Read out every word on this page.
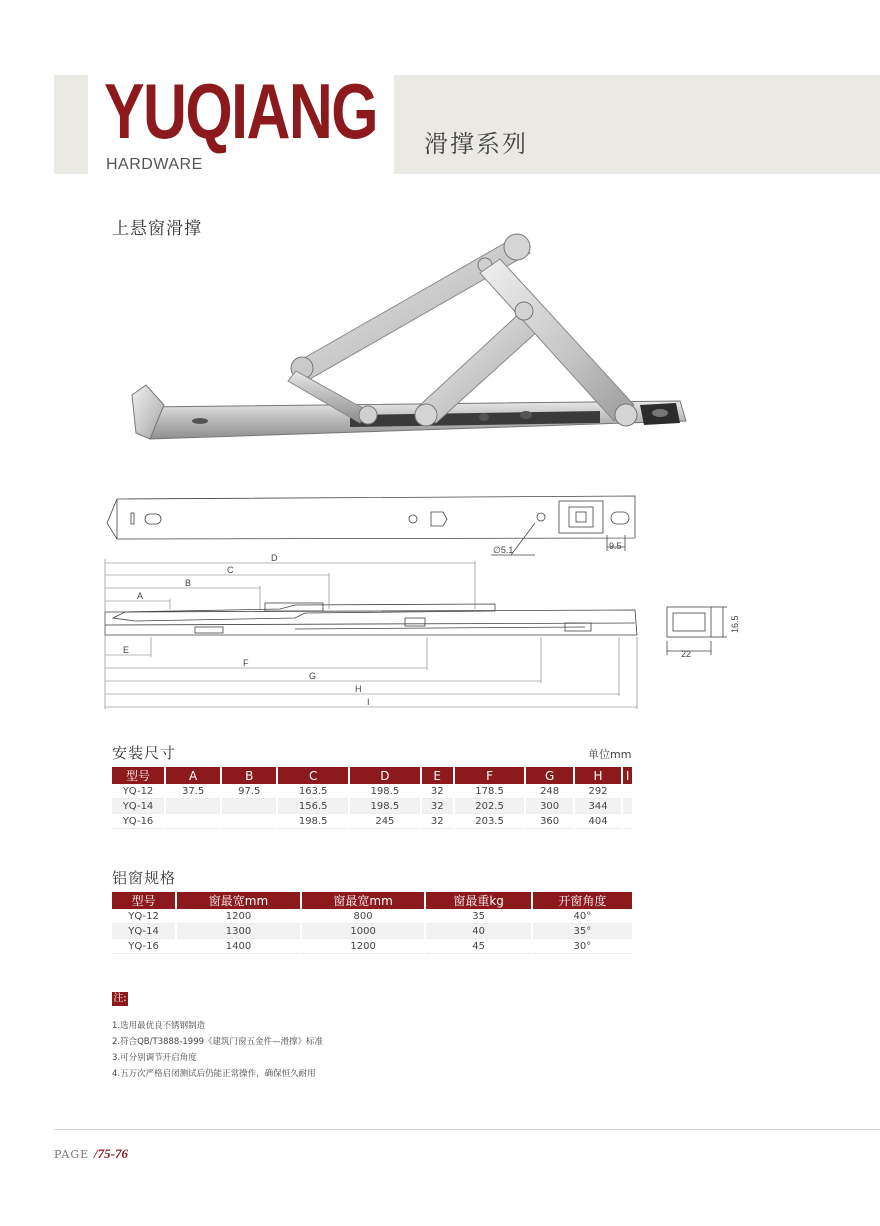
YUQIANG
HARDWARE
滑撑系列
上悬窗滑撑
D
C
B
A
E
F
G
H
I
∅5.1	9.5
16.5
22
安装尺寸	单位mm
型号	A	B	C	D	E	F	G	H	I
YQ-12	37.5	97.5	163.5	198.5	32	178.5	248	292	
YQ-14			156.5	198.5	32	202.5	300	344	
YQ-16			198.5	245	32	203.5	360	404	
铝窗规格
型号	窗最宽mm	窗最宽mm	窗最重kg	开窗角度
YQ-12	1200	800	35	40°
YQ-14	1300	1000	40	35°
YQ-16	1400	1200	45	30°
注:
1.选用最优良不锈钢制造
2.符合QB/T3888-1999《建筑门窗五金件—滑撑》标准
3.可分别调节开启角度
4.五万次严格启闭测试后仍能正常操作，确保恒久耐用
PAGE /75-76
